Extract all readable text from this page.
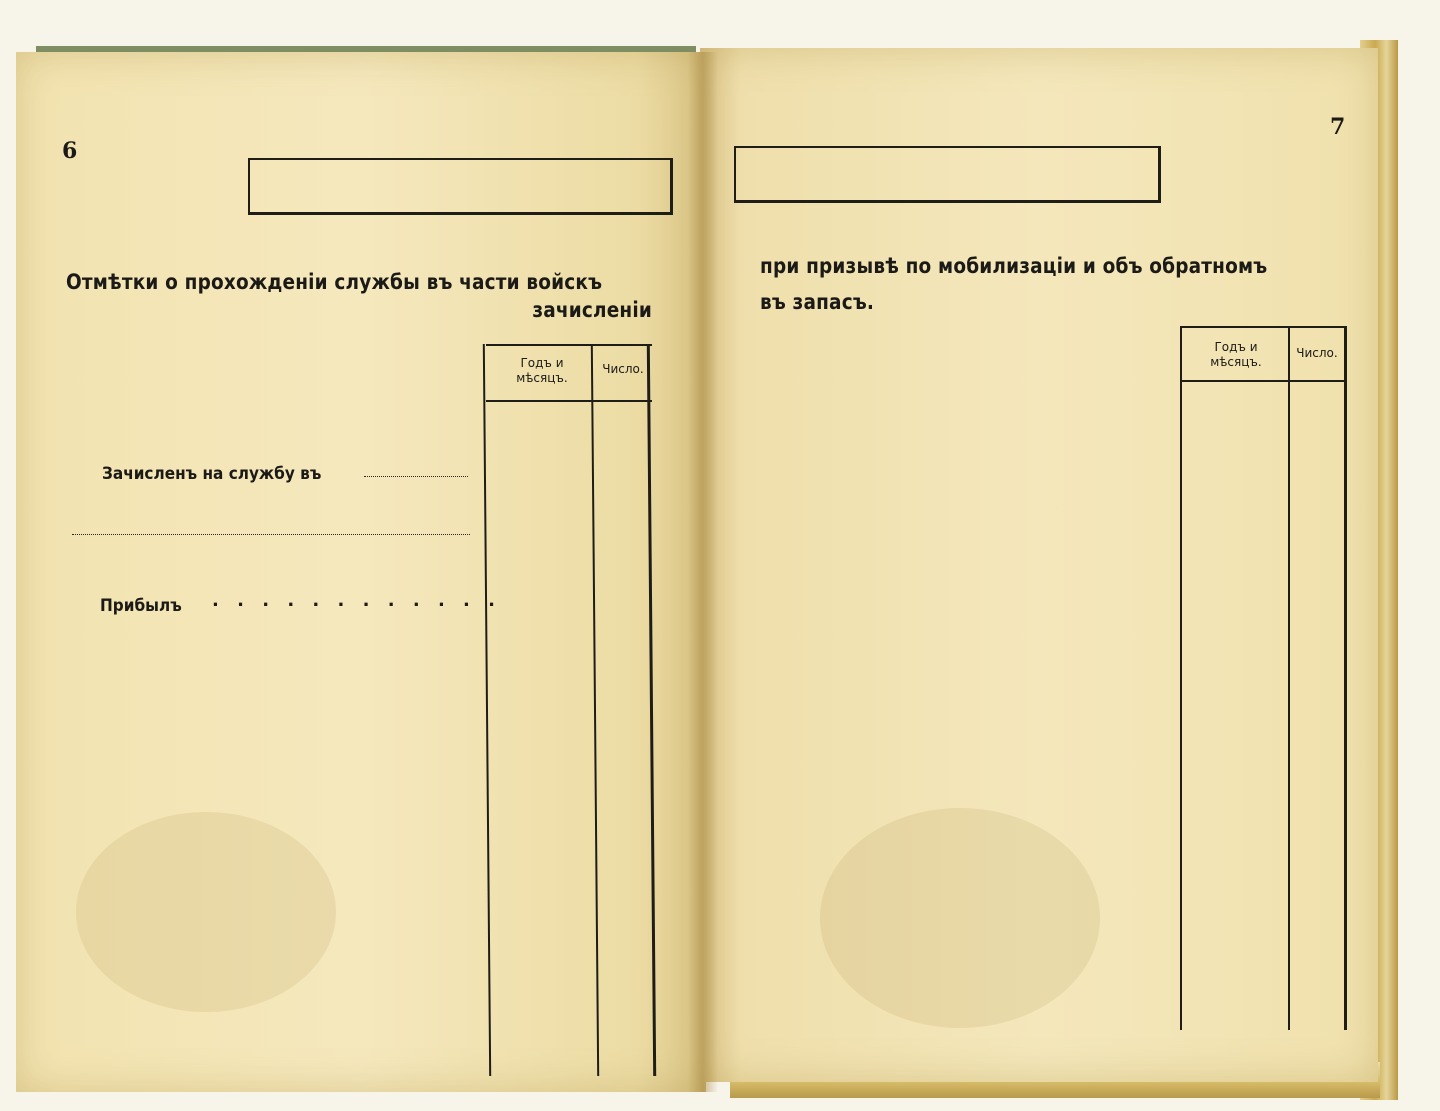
6
Отмѣтки о прохожденіи службы въ части войскъ
зачисленіи
Годъ и мѣсяцъ.
Число.
Зачисленъ на службу въ
Прибылъ . . . . . . . . . . . .
7
при призывѣ по мобилизаціи и объ обратномъ
въ запасъ.
Годъ и мѣсяцъ.
Число.
